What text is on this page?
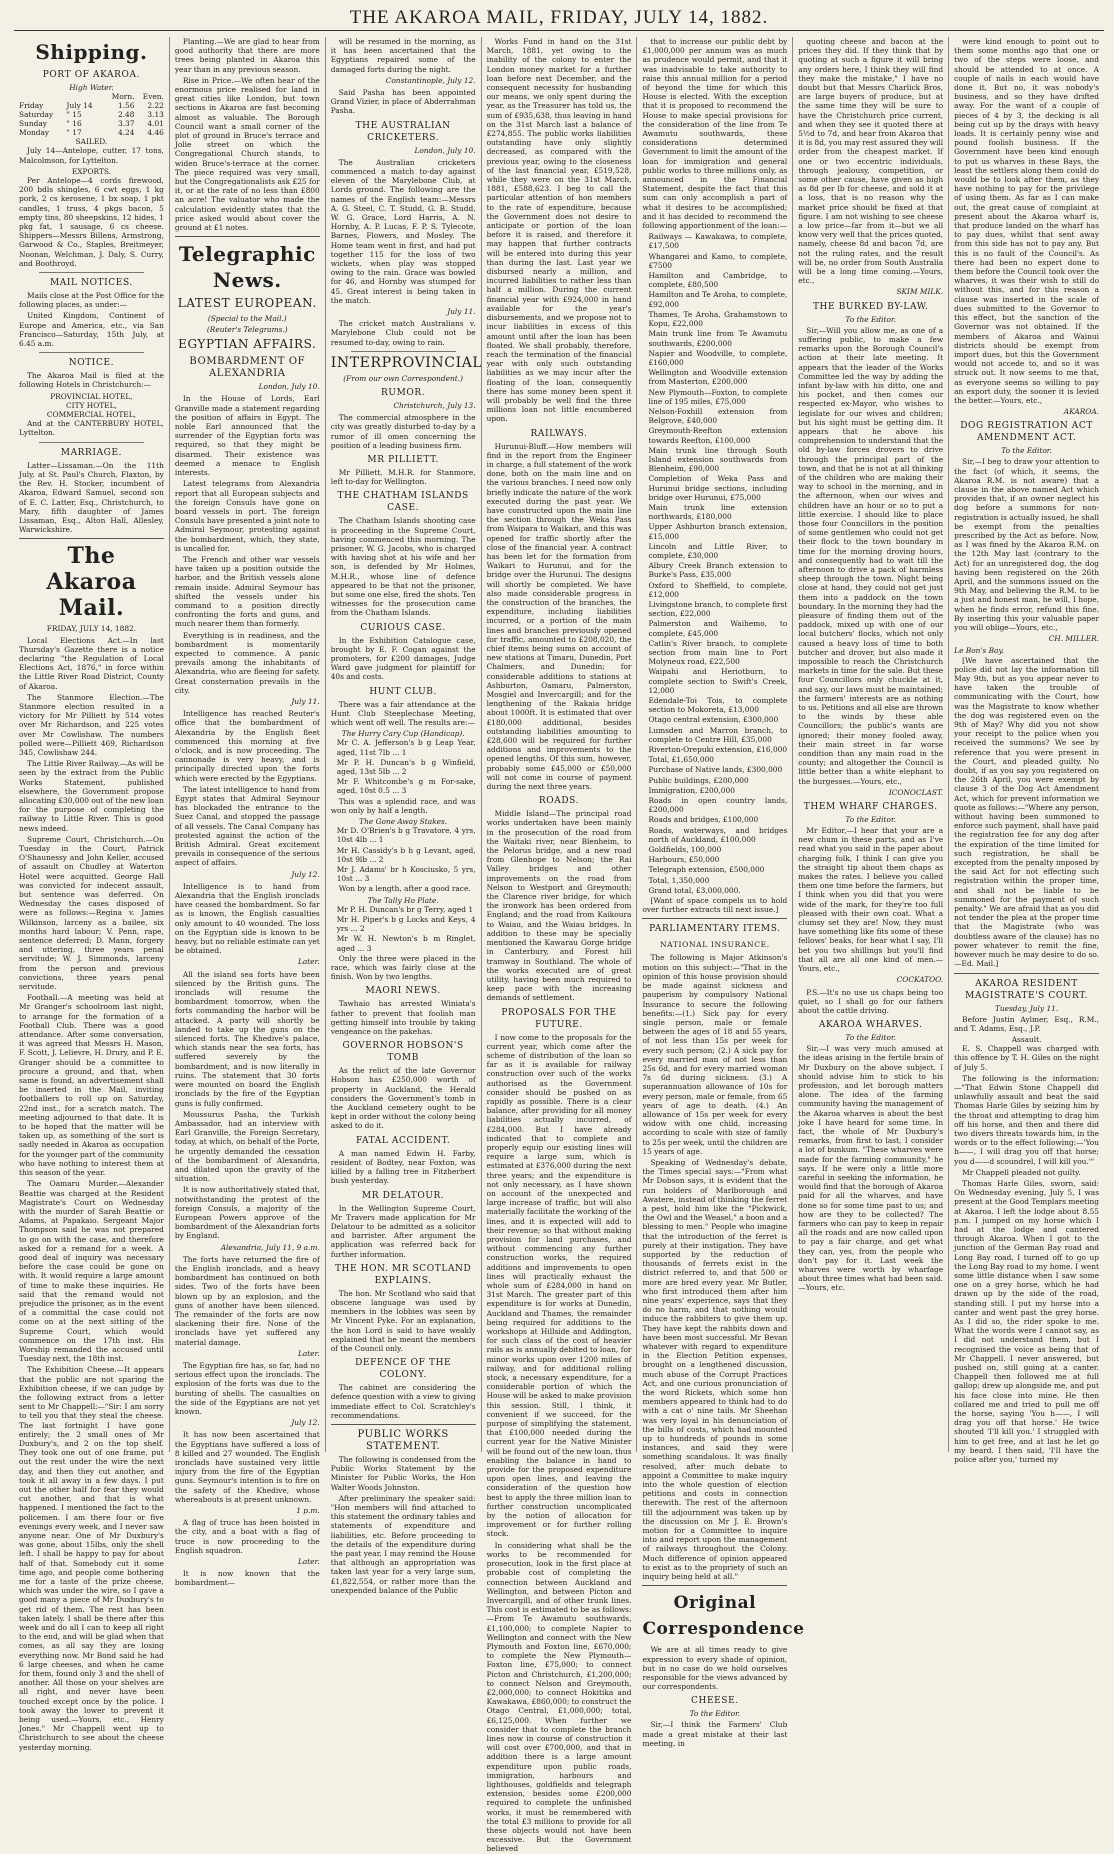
THE AKAROA MAIL, FRIDAY, JULY 14, 1882.
Shipping.
PORT OF AKAROA.
High Water.
		Morn.	Even.
Friday	July 14	1.56	2.22
Saturday	" 15	2.48	3.13
Sunday	" 16	3.37	4.01
Monday	" 17	4.24	4.46
SAILED.

July 14—Antelope, cutter, 17 tons, Malcolmson, for Lyttelton.

EXPORTS.

Per Antelope—4 cords firewood, 200 bdls shingles, 6 cwt eggs, 1 kg pork, 2 cs kerosene, 1 bx soap, 1 pkt candles, 1 truss, 4 pkgs bacon, 5 empty tins, 80 sheepskins, 12 hides, 1 pkg fat, 1 sausage, 6 cs cheese. Shippers—Messrs Billens, Armstrong, Garwood & Co., Staples, Breitmeyer, Noonan, Welchman, J. Daly, S. Curry, and Boothroyd.

MAIL NOTICES.

Mails close at the Post Office for the following places, as under:—

United Kingdom, Continent of Europe and America, etc., via San Francisco—Saturday, 15th July, at 6.45 a.m.

NOTICE.

The Akaroa Mail is filed at the following Hotels in Christchurch:—

PROVINCIAL HOTEL,
CITY HOTEL,
COMMERCIAL HOTEL,

And at the CANTERBURY HOTEL, Lyttelton.

MARRIAGE.

Latter—Lissaman.—On the 11th July, at St. Paul's Church, Flaxton, by the Rev. H. Stocker, incumbent of Akaroa, Edward Samuel, second son of E. C. Latter, Esq., Christchurch, to Mary, fifth daughter of James Lissaman, Esq., Alton Hall, Allesley, Warwickshire.

The Akaroa Mail.
FRIDAY, JULY 14, 1882.

Local Elections Act.—In last Thursday's Gazette there is a notice declaring "the Regulation of Local Elections Act, 1876," in force within the Little River Road District, County of Akaroa.

The Stanmore Election.—The Stanmore election resulted in a victory for Mr Pilliett by 514 votes over Mr Richardson, and 225 votes over Mr Cowlishaw. The numbers polled were—Pilliett 469, Richardson 345, Cowlishaw 244.

The Little River Railway.—As will be seen by the extract from the Public Works Statement, published elsewhere, the Government propose allocating £30,000 out of the new loan for the purpose of completing the railway to Little River. This is good news indeed.

Supreme Court, Christchurch.—On Tuesday in the Court, Patrick O'Shaunessy and John Keller, accused of assault on Chudley at Waterton Hotel were acquitted. George Hall was convicted for indecent assault, but sentence was deferred. On Wednesday the cases disposed of were as follows:—Regina v. James Wilkinson, larceny as a bailee, six months hard labour; V. Penn, rape, sentence deferred; D. Mann, forgery and uttering, three years penal servitude; W. J. Simmonds, larceny from the person and previous convictions, three years penal servitude.

Football.—A meeting was held at Mr Granger's schoolroom last night, to arrange for the formation of a Football Club. There was a good attendance. After some conversation, it was agreed that Messrs H. Mason, F. Scott, J. Lelievre, H. Drury, and P. E. Granger should be a committee to procure a ground, and that, when same is found, an advertisement shall be inserted in the Mail, inviting footballers to roll up on Saturday, 22nd inst., for a scratch match. The meeting adjourned to that date. It is to be hoped that the matter will be taken up, as something of the sort is sadly needed in Akaroa as occupation for the younger part of the community who have nothing to interest them at this season of the year.

The Oamaru Murder.—Alexander Beattie was charged at the Resident Magistrate's Court on Wednesday with the murder of Sarah Beattie or Adams, at Papakaio. Sergeant Major Thompson said he was not prepared to go on with the case, and therefore asked for a remand for a week. A good deal of inquiry was necessary before the case could be gone on with. It would require a large amount of time to make these inquiries. He said that the remand would not prejudice the prisoner, as in the event of a committal the case could not come on at the next sitting of the Supreme Court, which would commence on the 17th inst. His Worship remanded the accused until Tuesday next, the 18th inst.

The Exhibition Cheese.—It appears that the public are not sparing the Exhibition cheese, if we can judge by the following extract from a letter sent to Mr Chappell:—"Sir: I am sorry to tell you that they steal the cheese. The last fortnight I have gone entirely; the 2 small ones of Mr Duxbury's, and 2 on the top shelf. They took one out of one frame, put out the rest under the wire the next day, and then they cut another, and took it all away in a few days. I put out the other half for fear they would cut another, and that is what happened. I mentioned the fact to the policemen. I am there four or five evenings every week, and I never saw anyone near. One of Mr Duxbury's was gone, about 15lbs, only the shell left. I shall be happy to pay for about half of that. Somebody cut it some time ago, and people come bothering me for a taste of the prize cheese, which was under the wire, so I gave a good many a piece of Mr Duxbury's to get rid of them. The rest has been taken lately. I shall be there after this week and do all I can to keep all right to the end, and will be glad when that comes, as all say they are losing everything now. Mr Bond said he had 6 large cheeses, and when he came for them, found only 3 and the shell of another. All those on your shelves are all right, and never have been touched except once by the police. I took away the lower to prevent it being used.—Yours, etc., Henry Jones." Mr Chappell went up to Christchurch to see about the cheese yesterday morning.

Planting.—We are glad to hear from good authority that there are more trees being planted in Akaroa this year than in any previous season.

Rise in Price.—We often hear of the enormous price realised for land in great cities like London, but town sections in Akaroa are fast becoming almost as valuable. The Borough Council want a small corner of the plot of ground in Bruce's terrace and Jolie street on which the Congregational Church stands, to widen Bruce's-terrace at the corner. The piece required was very small, but the Congregationalists ask £25 for it, or at the rate of no less than £800 an acre! The valuator who made the calculation evidently states that the price asked would about cover the ground at £1 notes.

Telegraphic News.
LATEST EUROPEAN.
(Special to the Mail.)
(Reuter's Telegrams.)
EGYPTIAN AFFAIRS.
BOMBARDMENT OF ALEXANDRIA
London, July 10.

In the House of Lords, Earl Granville made a statement regarding the position of affairs in Egypt. The noble Earl announced that the surrender of the Egyptian forts was required, so that they might be disarmed. Their existence was deemed a menace to English interests.

Latest telegrams from Alexandria report that all European subjects and the foreign Consuls have gone on board vessels in port. The foreign Consuls have presented a joint note to Admiral Seymour, protesting against the bombardment, which, they state, is uncalled for.

The French and other war vessels have taken up a position outside the harbor, and the British vessels alone remain inside. Admiral Seymour has shifted the vessels under his command to a position directly confronting the forts and guns, and much nearer them than formerly.

Everything is in readiness, and the bombardment is momentarily expected to commence. A panic prevails among the inhabitants of Alexandria, who are fleeing for safety. Great consternation prevails in the city.

July 11.

Intelligence has reached Reuter's office that the bombardment of Alexandria by the English fleet commenced this morning at five o'clock, and is now proceeding. The cannonade is very heavy, and is principally directed upon the forts which were erected by the Egyptians.

The latest intelligence to hand from Egypt states that Admiral Seymour has blockaded the entrance to the Suez Canal, and stopped the passage of all vessels. The Canal Company has protested against the action of the British Admiral. Great excitement prevails in consequence of the serious aspect of affairs.

July 12.

Intelligence is to hand from Alexandria that the English ironclads have ceased the bombardment. So far as is known, the English casualties only amount to 40 wounded. The loss on the Egyptian side is known to be heavy, but no reliable estimate can yet be obtained.

Later.

All the island sea forts have been silenced by the British guns. The ironclads will resume the bombardment tomorrow, when the forts commanding the harbor will be attacked. A party will shortly be landed to take up the guns on the silenced forts. The Khedive's palace, which stands near the sea forts, has suffered severely by the bombardment, and is now literally in ruins. The statement that 30 forts were mounted on board the English ironclads by the fire of the Egyptian guns is fully confirmed.

Moussurus Pasha, the Turkish Ambassador, had an interview with Earl Granville, the Foreign Secretary, today, at which, on behalf of the Porte, he urgently demanded the cessation of the bombardment of Alexandria, and dilated upon the gravity of the situation.

It is now authoritatively stated that, notwithstanding the protest of the foreign Consuls, a majority of the European Powers approve of the bombardment of the Alexandrian forts by England.

Alexandria, July 11, 9 a.m.

The forts have returned the fire of the English ironclads, and a heavy bombardment has continued on both sides. Two of the forts have been blown up by an explosion, and the guns of another have been silenced. The remainder of the forts are now slackening their fire. None of the ironclads have yet suffered any material damage.

Later.

The Egyptian fire has, so far, had no serious effect upon the ironclads. The explosion of the forts was due to the bursting of shells. The casualties on the side of the Egyptians are not yet known.

July 12.

It has now been ascertained that the Egyptians have suffered a loss of 8 killed and 27 wounded. The English ironclads have sustained very little injury from the fire of the Egyptian guns. Seymour's intention is to fire on the safety of the Khedive, whose whereabouts is at present unknown.

1 p.m.

A flag of truce has been hoisted in the city, and a boat with a flag of truce is now proceeding to the English squadron.

Later.

It is now known that the bombardment—

will be resumed in the morning, as it has been ascertained that the Egyptians repaired some of the damaged forts during the night.

Constantinople, July 12.

Said Pasha has been appointed Grand Vizier, in place of Abderrahman Pasha.

THE AUSTRALIAN CRICKETERS.
London, July 10.

The Australian cricketers commenced a match to-day against eleven of the Marylebone Club, at Lords ground. The following are the names of the English team:—Messrs A. G. Steel, C. T. Studd, G. B. Studd, W. G. Grace, Lord Harris, A. N. Hornby, A. P. Lucas, F. P. S. Tylecote, Barnes, Flowers, and Mosley. The Home team went in first, and had put together 115 for the loss of two wickets, when play was stopped owing to the rain. Grace was bowled for 46, and Hornby was stumped for 45. Great interest is being taken in the match.

July 11.

The cricket match Australians v. Marylebone Club could not be resumed to-day, owing to rain.

INTERPROVINCIAL
(From our own Correspondent.)
RUMOR.
Christchurch, July 13.

The commercial atmosphere in the city was greatly disturbed to-day by a rumor of ill omen concerning the position of a leading business firm.

MR PILLIETT.

Mr Pilliett, M.H.R. for Stanmore, left to-day for Wellington.

THE CHATHAM ISLANDS CASE.

The Chatham Islands shooting case is proceeding in the Supreme Court, having commenced this morning. The prisoner, W. G. Jacobs, who is charged with having shot at his wife and her son, is defended by Mr Holmes, M.H.R., whose line of defence appeared to be that not the prisoner, but some one else, fired the shots. Ten witnesses for the prosecution came from the Chatham Islands.

CURIOUS CASE.

In the Exhibition Catalogue case, brought by E. F. Cogan against the promoters, for £200 damages, Judge Ward gave judgment for plaintiff for 40s and costs.

HUNT CLUB.

There was a fair attendance at the Hunt Club Steeplechase Meeting, which went off well. The results are:—

The Hurry Cary Cup (Handicap).

Mr C. A. Jefferson's b g Leap Year, aged, 11st 7lb ... 1

Mr P. H. Duncan's b g Winfield, aged, 13st 5lb ... 2

Mr F. Whitcombe's g m For-sake, aged, 10st 0.5 ... 3

This was a splendid race, and was won only by half a length.

The Gone Away Stakes.

Mr D. O'Brien's b g Travatore, 4 yrs, 10st 4lb ... 1

Mr H. Cassidy's b h g Levant, aged, 10st 9lb ... 2

Mr J. Adams' br h Kosciusko, 5 yrs, 10st ... 3

Won by a length, after a good race.

The Tally Ho Plate.

Mr P. H. Duncan's br g Terry, aged 1

Mr H. Piper's b g Locks and Keys, 4 yrs ... 2

Mr W. H. Newton's b m Ringlet, aged ... 3

Only the three were placed in the race, which was fairly close at the finish. Won by two lengths.

MAORI NEWS.

Tawhaio has arrested Winiata's father to prevent that foolish man getting himself into trouble by taking vengeance on the pakehas.

GOVERNOR HOBSON'S TOMB

As the relict of the late Governor Hobson has £250,000 worth of property in Auckland, the Herald considers the Government's tomb in the Auckland cemetery ought to be kept in order without the colony being asked to do it.

FATAL ACCIDENT.

A man named Edwin H. Farby, resident of Bodtey, near Foxton, was killed by a falling tree in Fitzherbert bush yesterday.

MR DELATOUR.

In the Wellington Supreme Court, Mr Travers made application for Mr Delatour to be admitted as a solicitor and barrister. After argument the application was referred back for further information.

THE HON. MR SCOTLAND EXPLAINS.

The hon. Mr Scotland who said that obscene language was used by members in the lobbies was seen by Mr Vincent Pyke. For an explanation, the hon Lord is said to have weakly explained that he meant the members of the Council only.

DEFENCE OF THE COLONY.

The cabinet are considering the defence question with a view to giving immediate effect to Col. Scratchley's recommendations.

PUBLIC WORKS STATEMENT.

The following is condensed from the Public Works Statement by the Minister for Public Works, the Hon Walter Woods Johnston.

After preliminary the speaker said: "Hon members will find attached to this statement the ordinary tables and statements of expenditure and liabilities, etc. Before proceeding to the details of the expenditure during the past year, I may remind the House that although an appropriation was taken last year for a very large sum, £1,822,554, or rather more than the unexpended balance of the Public

Works Fund in hand on the 31st March, 1881, yet owing to the inability of the colony to enter the London money market for a further loan before next December, and the consequent necessity for husbanding our means, we only spent during the year, as the Treasurer has told us, the sum of £935,638, thus leaving in hand on the 31st March last a balance of £274,855. The public works liabilities outstanding have only slightly decreased, as compared with the previous year, owing to the closeness of the last financial year, £519,528, while they were on the 31st March, 1881, £588,623. I beg to call the particular attention of hon members to the rate of expenditure, because the Government does not desire to anticipate or portion of the loan before it is raised, and therefore it may happen that further contracts will be entered into during this year than during the last. Last year we disbursed nearly a million, and incurred liabilities to rather less than half a million. During the current financial year with £924,000 in hand available for the year's disbursements, and we propose not to incur liabilities in excess of this amount until after the loan has been floated. We shall probably, therefore, reach the termination of the financial year with only such outstanding liabilities as we may incur after the floating of the loan, consequently there has some money been spent it will probably be well find the three millions loan not little encumbered upon.

RAILWAYS.

Hurunui-Bluff.—How members will find in the report from the Engineer in charge, a full statement of the work done, both on the main line and on the various branches. I need now only briefly indicate the nature of the work executed during the past year. We have constructed upon the main line the section through the Weka Pass from Waipara to Waikari, and this was opened for traffic shortly after the close of the financial year. A contract has been let for the formation from Waikari to Hurunui, and for the bridge over the Hurunui. The designs will shortly be completed. We have also made considerable progress in the construction of the branches, the expenditure, including liabilities incurred, or a portion of the main lines and branches previously opened for traffic, amounted to £208,020, the chief items being sums on account of new stations at Timaru, Dunedin, Port Chalmers, and Dunedin; for considerable additions to stations at Ashburton, Oamaru, Palmerston, Mosgiel and Invercargill; and for the lengthening of the Rakaia bridge about 1000ft. It is estimated that over £180,000 additional, besides outstanding liabilities amounting to £28,600 will be required for further additions and improvements to the opened lengths. Of this sum, however, probably some £45,000 or £50,000 will not come in course of payment during the next three years.

ROADS.

Middle Island—The principal road works undertaken have been mainly in the prosecution of the road from the Waitaki river, near Blenheim, to the Pelorus bridge, and a new road from Glenhope to Nelson; the Rai Valley bridges and other improvements on the road from Nelson to Westport and Greymouth; the Clarence river bridge, for which the ironwork has been ordered from England; and the road from Kaikoura to Waiau, and the Waiau bridges. In addition to these may be specially mentioned the Kawarau Gorge bridge in Canterbury, and Forest hill tramway in Southland. The whole of the works executed are of great utility, having been much required to keep pace with the increasing demands of settlement.

PROPOSALS FOR THE FUTURE.

I now come to the proposals for the current year, which come after the scheme of distribution of the loan so far as it is available for railway construction over such of the works authorised as the Government consider should be pushed on as rapidly as possible. There is a clear balance, after providing for all money liabilities actually incurred, of £284,000. But I have already indicated that to complete and properly equip our existing lines will require a large sum, which is estimated at £376,000 during the next three years; and the expenditure is not only necessary, as I have shown on account of the unexpected and large increase of traffic, but will also materially facilitate the working of the lines, and it is expected will add to their revenue; so that without making provision for land purchases, and without commencing any further construction works, the required additions and improvements to open lines will practically exhaust the whole sum of £284,000 in hand on 31st March. The greater part of this expenditure is for works at Dunedin, Auckland and Thames, the remainder being required for additions to the workshops at Hillside and Addington, for such class of the cost of heavier rails as is annually debited to loan, for minor works upon over 1200 miles of railway, and for additional rolling stock, a necessary expenditure, for a considerable portion of which the House will be asked to make provision this session. Still, I think, it convenient if we succeed, for the purpose of simplifying the statement, that £100,000 needed during the current year for the Native Minister will be found out of the new loan, thus enabling the balance in hand to provide for the proposed expenditure upon open lines, and leaving the consideration of the question how best to apply the three million loan to further construction uncomplicated by the notion of allocation for improvement or for further rolling stock.

In considering what shall be the works to be recommended for prosecution, look in the first place at probable cost of completing the connection between Auckland and Wellington, and between Picton and Invercargill, and of other trunk lines. This cost is estimated to be as follows:—From Te Awamutu southwards, £1,100,000; to complete Napier to Wellington and connect with the New Plymouth and Foxton line, £670,000; to complete the New Plymouth—Foxton line, £75,000; to connect Picton and Christchurch, £1,200,000; to connect Nelson and Greymouth, £2,000,000; to connect Hokitika and Kawakawa, £860,000; to construct the Otago Central, £1,000,000; total, £6,125,000. When further we consider that to complete the branch lines now in course of construction it will cost over £700,000, and that in addition there is a large amount expenditure upon public roads, immigration, harbours and lighthouses, goldfields and telegraph extension, besides some £200,000 required to complete the unfinished works, it must be remembered with the total £3 millions to provide for all these objects would not have been excessive. But the Government believed

that to increase our public debt by £1,000,000 per annum was as much as prudence would permit, and that it was inadvisable to take authority to raise this annual million for a period of beyond the time for which this House is elected. With the exception that it is proposed to recommend the House to make special provisions for the consideration of the line from Te Awamutu southwards, these considerations determined Government to limit the amount of the loan for immigration and general public works to three millions only, as announced in the Financial Statement, despite the fact that this sum can only accomplish a part of what it desires to be accomplished; and it has decided to recommend the following apportionment of the loan:—

Railways — Kawakawa, to complete, £17,500

Whangarei and Kamo, to complete, £7500

Hamilton and Cambridge, to complete, £80,500

Hamilton and Te Aroha, to complete, £92,000

Thames, Te Aroha, Grahamstown to Kopu, £22,000

Main trunk line from Te Awamutu southwards, £200,000

Napier and Woodville, to complete, £160,000

Wellington and Woodville extension from Masterton, £200,000

New Plymouth—Foxton, to complete line of 195 miles, £75,000

Nelson-Foxhill extension from Belgrove, £40,000

Greymouth-Reefton extension towards Reefton, £100,000

Main trunk line through South Island extension southwards from Blenheim, £90,000

Completion of Weka Pass and Hurunui bridge sections, including bridge over Hurunui, £75,000

Main trunk line extension northwards, £180,000

Upper Ashburton branch extension, £15,000

Lincoln and Little River, to complete, £30,000

Albury Creek Branch extension to Burke's Pass, £35,000

Oxford to Sheffield, to complete, £12,000

Livingstone branch, to complete first section, £22,000

Palmerston and Waihemo, to complete, £45,000

Catlin's River branch, to complete section from main line to Port Molyneux road, £22,500

Waipahi and Heriotburn, to complete section to Swift's Creek, 12,000

Edendale-Toi Tois, to complete section to Mokoreta, £13,000

Otago central extension, £300,000

Lumsden and Marron branch, to complete to Centre Hill, £35,000

Riverton-Orepuki extension, £16,000

Total, £1,650,000

Purchase of Native lands, £300,000

Public buildings, £200,000

Immigration, £200,000

Roads in open country lands, £200,000

Roads and bridges, £100,000

Roads, waterways, and bridges north of Auckland, £100,000

Goldfields, 100,000

Harbours, £50,000

Telegraph extension, £500,000

Total, 1,350,000

Grand total, £3,000,000.

[Want of space compels us to hold over further extracts till next issue.]

PARLIAMENTARY ITEMS.
NATIONAL INSURANCE.

The following is Major Atkinson's motion on this subject:—"That in the opinion of this house provision should be made against sickness and pauperism by compulsory National Insurance to secure the following benefits:—(1.) Sick pay for every single person, male or female between the ages of 18 and 55 years, of not less than 15s per week for every such person; (2.) A sick pay for every married man of not less than 25s 6d, and for every married woman 7s 6d during sickness. (3.) A superannuation allowance of 10s for every person, male or female, from 65 years of age to death. (4.) An allowance of 15s per week for every widow with one child, increasing according to scale with size of family to 25s per week, until the children are 15 years of age.

Speaking of Wednesday's debate, the Times special says:—"From what Mr Dobson says, it is evident that the run holders of Marlborough and Awatere, instead of thinking the ferret a pest, hold him like the "Pickwick, the Owl and the Weasel," a boon and a blessing to men." People who imagine that the introduction of the ferret is purely at their instigation. They have supported by the reduction of thousands of ferrets exist in the district referred to, and that 500 or more are bred every year. Mr Butler, who first introduced them after him nine years' experience, says that they do no harm, and that nothing would induce the rabbiters to give them up. They have kept the rabbits down and have been most successful. Mr Bevan whatever with regard to expenditure in the Election Petition expenses, brought on a lengthened discussion, much abuse of the Corrupt Practices Act, and one curious pronunciation of the word Rickets, which some hon members appeared to think had to do with a cat o' nine tails. Mr Sheehan was very loyal in his denunciation of the bills of costs, which had mounted up to hundreds of pounds in some instances, and said they were something scandalous. It was finally resolved, after much debate to appoint a Committee to make inquiry into the whole question of election petitions and costs in connection therewith. The rest of the afternoon till the adjournment was taken up by the discussion on Mr J. E. Brown's motion for a Committee to inquire into and report upon the management of railways throughout the Colony. Much difference of opinion appeared to exist as to the propriety of such an inquiry being held at all."

Original Correspondence

We are at all times ready to give expression to every shade of opinion, but in no case do we hold ourselves responsible for the views advanced by our correspondents.

CHEESE.
To the Editor.

Sir,—I think the Farmers' Club made a great mistake at their last meeting, in

quoting cheese and bacon at the prices they did. If they think that by quoting at such a figure it will bring any orders here, I think they will find they make the mistake," I have no doubt but that Messrs Charlick Bros, are large buyers of produce, but at the same time they will be sure to have the Christchurch price current, and when they see it quoted there at 5½d to 7d, and hear from Akaroa that it is 8d, you may rest assured they will order from the cheapest market. If one or two eccentric individuals, through jealousy, competition, or some other cause, have given as high as 8d per lb for cheese, and sold it at a loss, that is no reason why the market price should be fixed at that figure. I am not wishing to see cheese a low price—far from it—but we all know very well that the prices quoted, namely, cheese 8d and bacon 7d, are not the ruling rates, and the result will be, no order from South Australia will be a long time coming.—Yours, etc.,

SKIM MILK.
THE BURKED BY-LAW.
To the Editor.

Sir,—Will you allow me, as one of a suffering public, to make a few remarks upon the Borough Council's action at their late meeting. It appears that the leader of the Works Committee led the way by adding the infant by-law with his ditto, one and his pocket, and then comes our respected ex-Mayor, who wishes to legislate for our wives and children; but his sight must be getting dim. It appears that he above his comprehension to understand that the old by-law forces drovers to drive through the principal part of the town, and that he is not at all thinking of the children who are making their way to school in the morning, and in the afternoon, when our wives and children have an hour or so to put a little exercise. I should like to place those four Councillors in the position of some gentlemen who could not get their flock to the town boundary in time for the morning droving hours, and consequently had to wait till the afternoon to drive a pack of harmless sheep through the town. Night being close at hand, they could not get just them into a paddock on the town boundary. In the morning they had the pleasure of finding them out of the paddock, mixed up with one of our local butchers' flocks, which not only caused a heavy loss of time to both butcher and drover, but also made it impossible to reach the Christchurch markets in time for the sale. But these four Councillors only chuckle at it, and say, our laws must be maintained; the farmers' interests are as nothing to us. Petitions and all else are thrown to the winds by these able Councillors; the public's wants are ignored; their money fooled away, their main street in far worse condition than any main road in the county; and altogether the Council is little better than a white elephant to the burgesses.—Yours, etc.,

ICONOCLAST.
THEM WHARF CHARGES.
To the Editor.

Mr Editor,—I hear that your are a new chum in these parts, and as I've read what you said in the paper about charging folk, I think I can give you the straight tip about them chaps as makes the rates. I believe you called them one time before the farmers, but I think when you did that you were wide of the mark, for they're too full pleased with their own coat. What a clumsy set they are! Now, they must have something like fits some of these fellows' beaks, for hear what I say, I'll bet you two shillings but you'll find that all are all one kind of men.—Yours, etc.,

COCKATOO.

P.S.—It's no use us chaps being too quiet, so I shall go for our fathers about the cattle driving.

AKAROA WHARVES.
To the Editor.

Sir,—I was very much amused at the ideas arising in the fertile brain of Mr Duxbury on the above subject. I should advise him to stick to his profession, and let borough matters alone. The idea of the farming community having the management of the Akaroa wharves is about the best joke I have heard for some time. In fact, the whole of Mr Duxbury's remarks, from first to last, I consider a lot of bunkum. "These wharves were made for the farming community," he says. If he were only a little more careful in seeking the information, he would find that the borough of Akaroa paid for all the wharves, and have done so for some time past to us; and how are they to be collected? The farmers who can pay to keep in repair all the roads and are now called upon to pay a fair charge, and get what they can, yes, from the people who don't pay for it. Last week the wharves were worth by wharfage about three times what had been said.—Yours, etc.

were kind enough to point out to them some months ago that one or two of the steps were loose, and should be attended to at once. A couple of nails in each would have done it. But no, it was nobody's business, and so they have drifted away. For the want of a couple of pieces of 4 by 3, the decking is all being cut up by the drays with heavy loads. It is certainly penny wise and pound foolish business. If the Government have been kind enough to put us wharves in these Bays, the least the settlers along them could do would be to look after them, as they have nothing to pay for the privilege of using them. As far as I can make out, the great cause of complaint at present about the Akaroa wharf is, that produce landed on the wharf has to pay dues, whilst that sent away from this side has not to pay any. But this is no fault of the Council's. As there had been no expert done to them before the Council took over the wharves, it was their wish to still do without this, and for this reason a clause was inserted in the scale of dues submitted to the Governor to this effect, but the sanction of the Governor was not obtained. If the members of Akaroa and Wainui districts should be exempt from import dues, but this the Government would not accede to, and so it was struck out. It now seems to me that, as everyone seems so willing to pay an export duty, the sooner it is levied the better.—Yours, etc.,

AKAROA.
DOG REGISTRATION ACT AMENDMENT ACT.
To the Editor.

Sir,—I beg to draw your attention to the fact (of which, it seems, the Akaroa R.M. is not aware) that a clause in the above named Act which provides that, if an owner neglect his dog before a summons for non-registration is actually issued, he shall be exempt from the penalties prescribed by the Act as before. Now, as I was fined by the Akaroa R.M. on the 12th May last (contrary to the Act) for an unregistered dog, the dog having been registered on the 26th April, and the summons issued on the 9th May, and believing the R.M. to be a just and honest man, he will, I hope, when he finds error, refund this fine. By inserting this your valuable paper you will oblige—Yours, etc.,

CH. MILLER.
Le Bon's Bay.

[We have ascertained that the police did not lay the information till May 9th, but as you appear never to have taken the trouble of communicating with the Court, how was the Magistrate to know whether the dog was registered even on the 9th of May? Why did you not show your receipt to the police when you received the summons? We see by reference that you were present in the Court, and pleaded guilty. No doubt, if as you say you registered on the 26th April, you were exempt by clause 3 of the Dog Act Amendment Act, which for prevent information we quote as follows:—"Where any person, without having been summoned to enforce such payment, shall have paid the registration fee for any dog after the expiration of the time limited for such registration, he shall be excepted from the penalty imposed by the said Act for not effecting such registration within the proper time, and shall not be liable to be summoned for the payment of such penalty." We are afraid that as you did not tender the plea at the proper time that the Magistrate (who was doubtless aware of the clause) has no power whatever to remit the fine, however much he may desire to do so.—Ed. Mail.]

AKAROA RESIDENT MAGISTRATE'S COURT.
Tuesday, July 11.

Before Justin Aylmer, Esq., R.M., and T. Adams, Esq., J.P.

Assault.

E. S. Chappell was charged with this offence by T. H. Giles on the night of July 5.

The following is the information:—"That Edwin Stone Chappell did unlawfully assault and beat the said Thomas Harle Giles by seizing him by the throat and attempting to drag him off his horse, and then and there did two divers threats towards him, in the words or to the effect following:—'You h——, I will drag you off that horse; you d——d scoundrel, I will kill you.'"

Mr Chappell pleaded not guilty.

Thomas Harle Giles, sworn, said: On Wednesday evening, July 5, I was present at the Good Templars meeting at Akaroa. I left the lodge about 8.55 p.m. I jumped on my horse which I had at the lodge and cantered through Akaroa. When I got to the junction of the German Bay road and Long Bay road, I turned off to go up the Long Bay road to my home. I went some little distance when I saw some one on a grey horse, which he had drawn up by the side of the road, standing still. I put my horse into a canter and went past the grey horse. As I did so, the rider spoke to me. What the words were I cannot say, as I did not understand them, but I recognised the voice as being that of Mr Chappell. I never answered, but pushed on, still going at a canter. Chappell then followed me at full gallop; drew up alongside me, and put his face close into mine. He then collared me and tried to pull me off the horse, saying 'You h——, I will drag you off that horse.' He twice shouted 'I'll kill you.' I struggled with him to get free, and at last he let go my beard. I then said, 'I'll have the police after you,' turned my
